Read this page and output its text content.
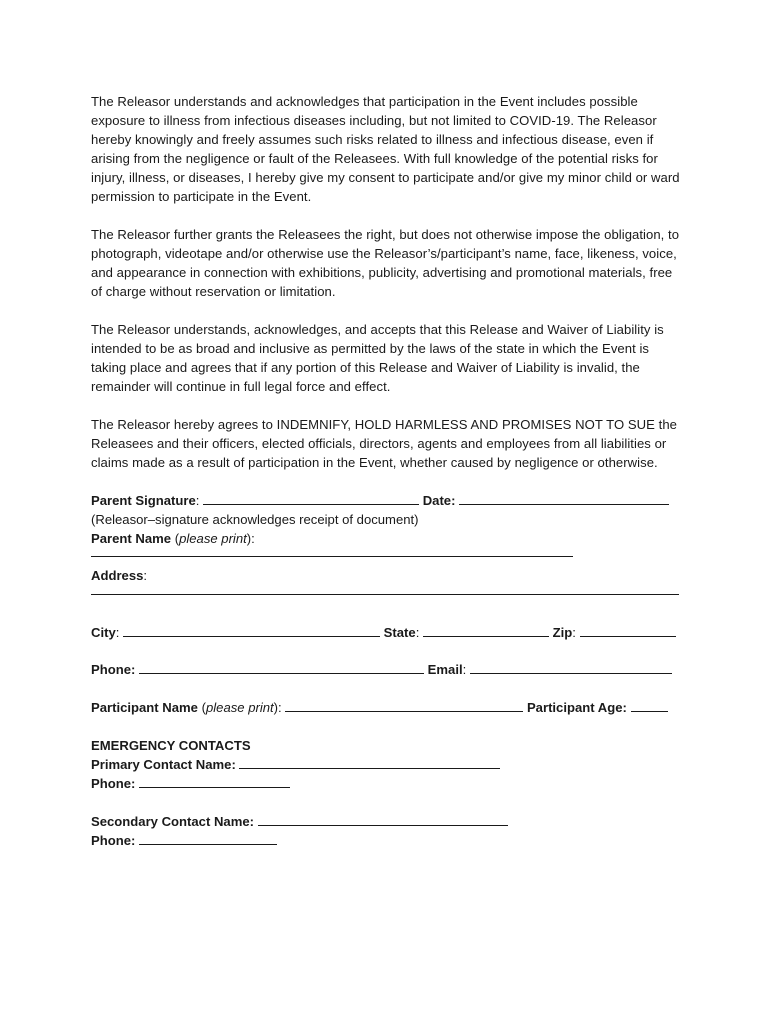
The Releasor understands and acknowledges that participation in the Event includes possible exposure to illness from infectious diseases including, but not limited to COVID-19. The Releasor hereby knowingly and freely assumes such risks related to illness and infectious disease, even if arising from the negligence or fault of the Releasees. With full knowledge of the potential risks for injury, illness, or diseases, I hereby give my consent to participate and/or give my minor child or ward permission to participate in the Event.

The Releasor further grants the Releasees the right, but does not otherwise impose the obligation, to photograph, videotape and/or otherwise use the Releasor’s/participant’s name, face, likeness, voice, and appearance in connection with exhibitions, publicity, advertising and promotional materials, free of charge without reservation or limitation.

The Releasor understands, acknowledges, and accepts that this Release and Waiver of Liability is intended to be as broad and inclusive as permitted by the laws of the state in which the Event is taking place and agrees that if any portion of this Release and Waiver of Liability is invalid, the remainder will continue in full legal force and effect.

The Releasor hereby agrees to INDEMNIFY, HOLD HARMLESS AND PROMISES NOT TO SUE the Releasees and their officers, elected officials, directors, agents and employees from all liabilities or claims made as a result of participation in the Event, whether caused by negligence or otherwise.

Parent Signature:	Date:
(Releasor–signature acknowledges receipt of document)
Parent Name (please print):
Address:
City:	State:	Zip:
Phone:	Email:
Participant Name (please print):	Participant Age:
EMERGENCY CONTACTS
Primary Contact Name:
Phone:
Secondary Contact Name:
Phone:
